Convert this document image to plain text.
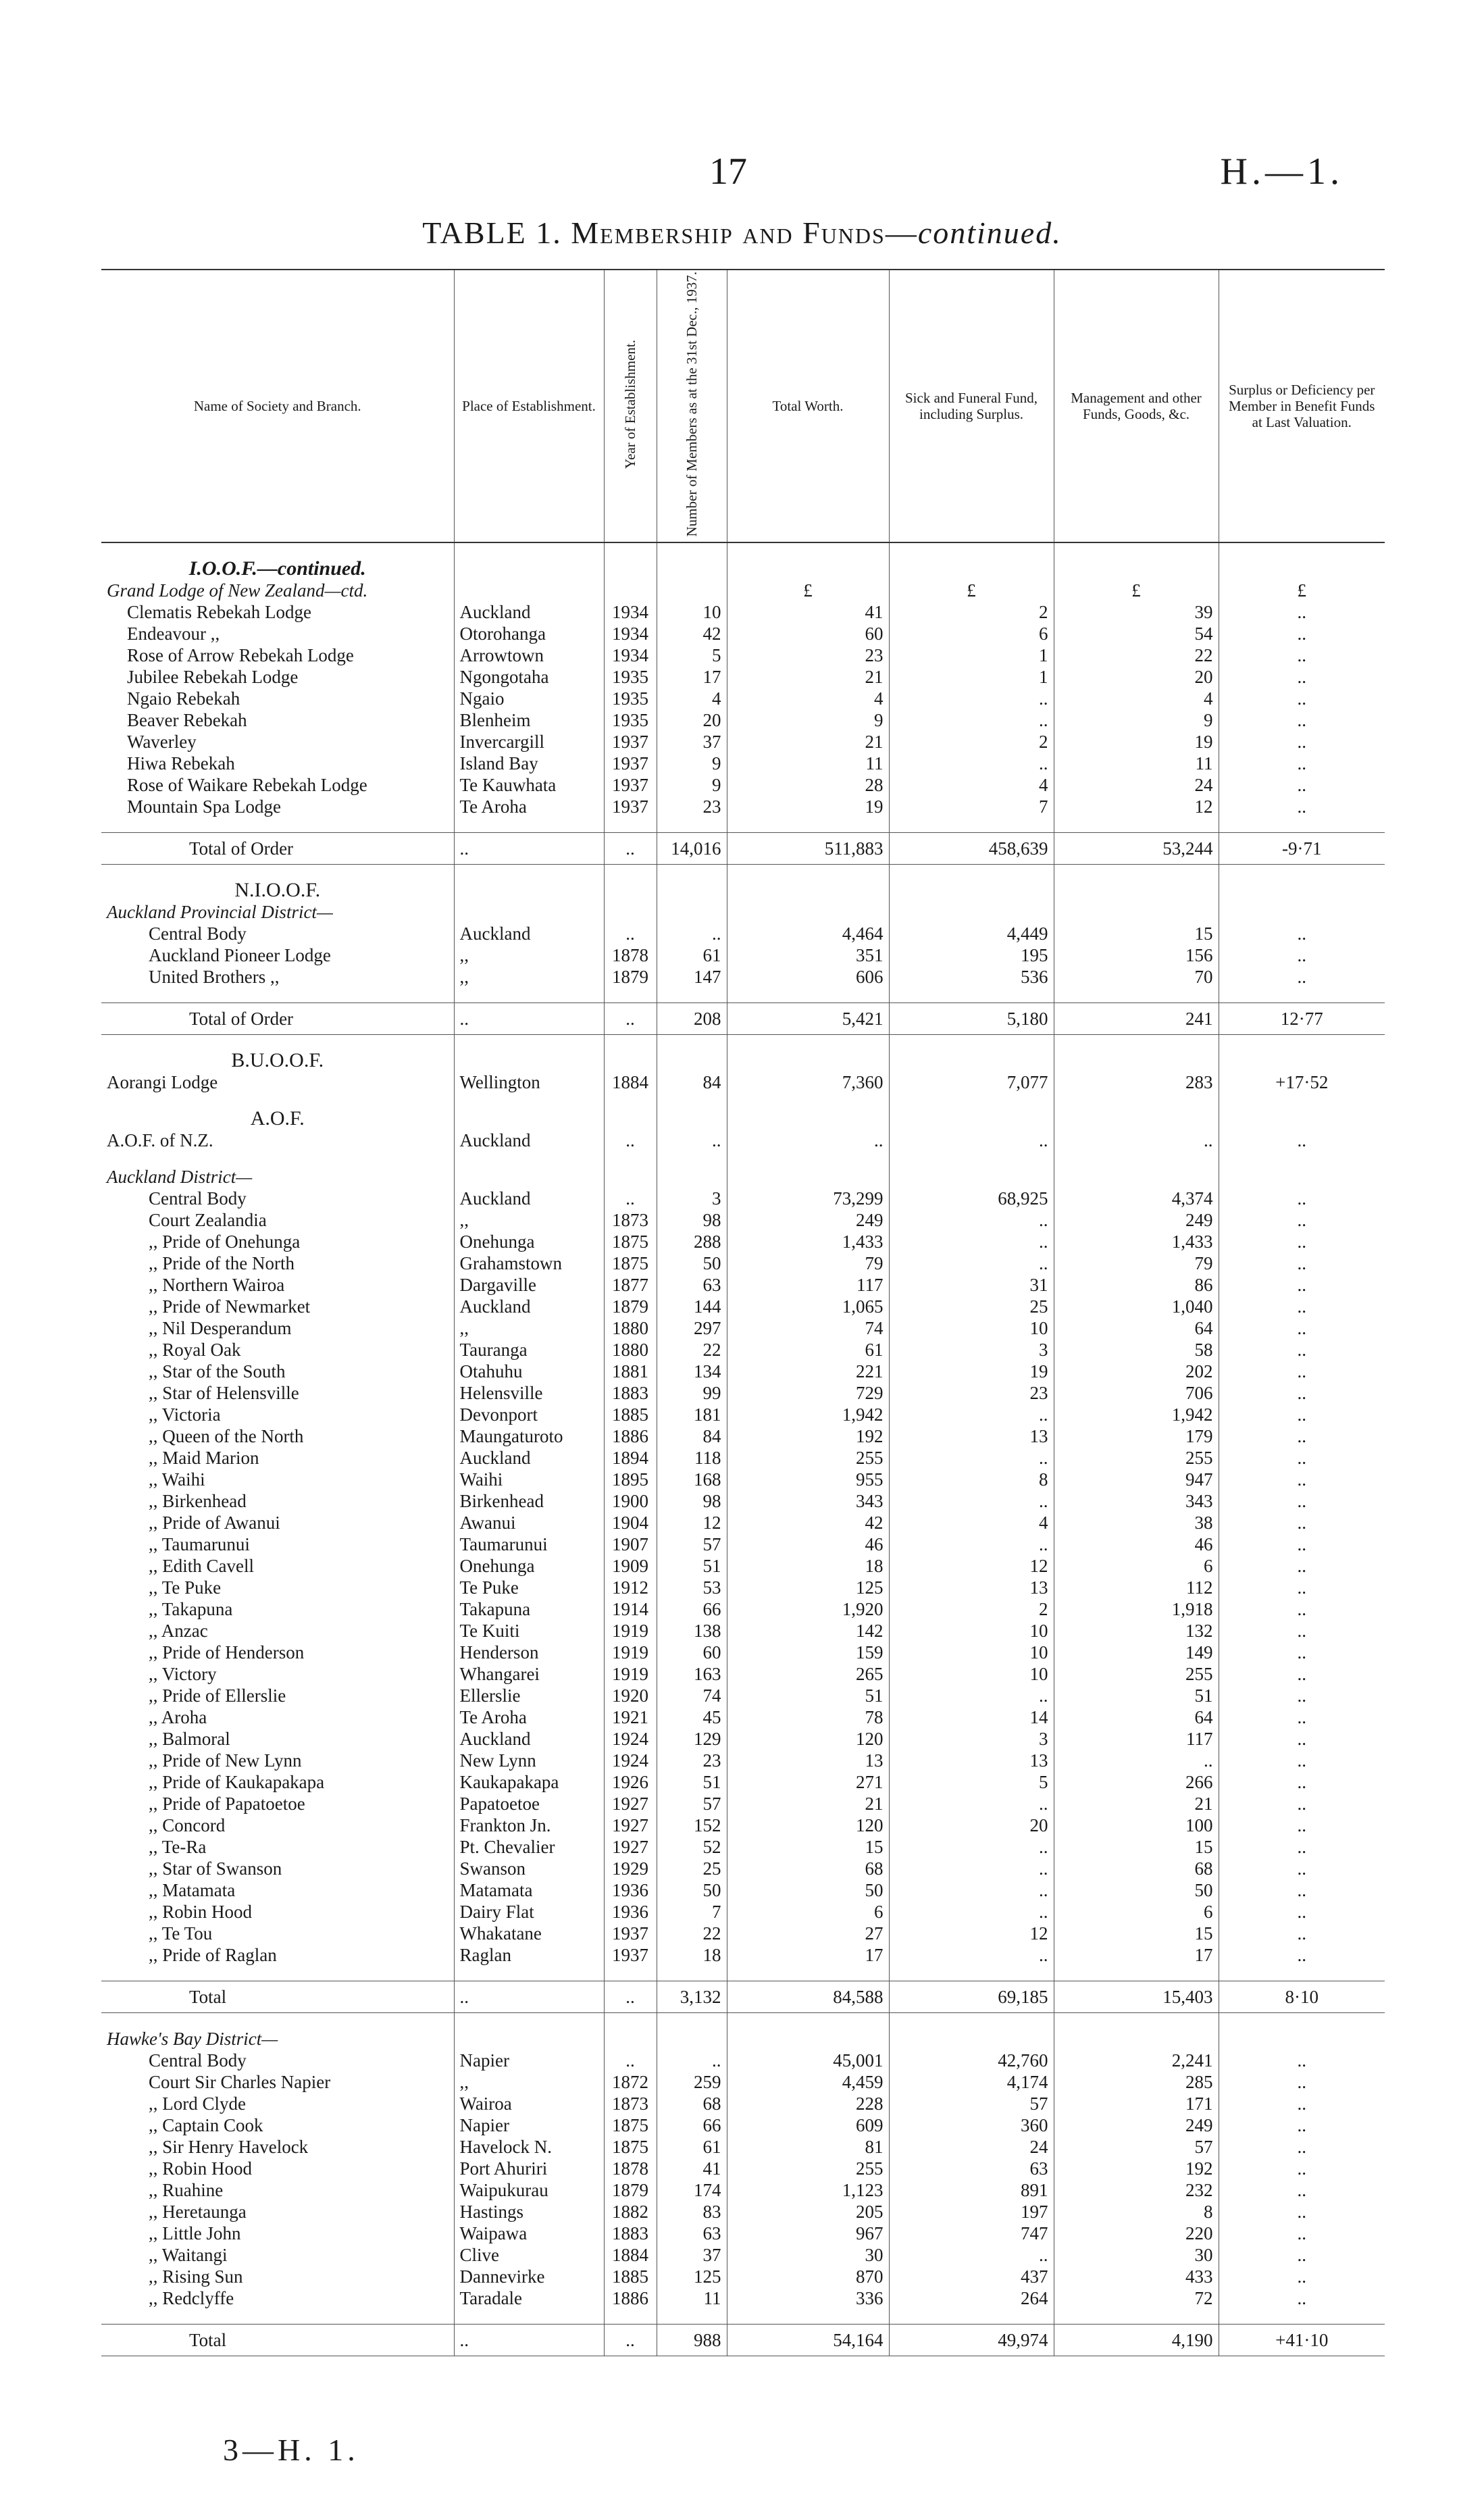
17	H.—1.
TABLE 1. Membership and Funds—continued.
Name of Society and Branch.	Place of Establishment.	Year of Establishment.	Number of Members as at the 31st Dec., 1937.	Total Worth.	Sick and Funeral Fund, including Surplus.	Management and other Funds, Goods, &c.	Surplus or Deficiency per Member in Benefit Funds at Last Valuation.

I.O.O.F.—continued.							
Grand Lodge of New Zealand—ctd.				£	£	£	£
Clematis Rebekah Lodge	Auckland	1934	10	41	2	39	..
Endeavour ,,	Otorohanga	1934	42	60	6	54	..
Rose of Arrow Rebekah Lodge	Arrowtown	1934	5	23	1	22	..
Jubilee Rebekah Lodge	Ngongotaha	1935	17	21	1	20	..
Ngaio Rebekah	Ngaio	1935	4	4	..	4	..
Beaver Rebekah	Blenheim	1935	20	9	..	9	..
Waverley	Invercargill	1937	37	21	2	19	..
Hiwa Rebekah	Island Bay	1937	9	11	..	11	..
Rose of Waikare Rebekah Lodge	Te Kauwhata	1937	9	28	4	24	..
Mountain Spa Lodge	Te Aroha	1937	23	19	7	12	..

Total of Order	..	..	14,016	511,883	458,639	53,244	-9·71

N.I.O.O.F.							
Auckland Provincial District—							
Central Body	Auckland	..	..	4,464	4,449	15	..
Auckland Pioneer Lodge	,,	1878	61	351	195	156	..
United Brothers ,,	,,	1879	147	606	536	70	..

Total of Order	..	..	208	5,421	5,180	241	12·77

B.U.O.O.F.							
Aorangi Lodge	Wellington	1884	84	7,360	7,077	283	+17·52

A.O.F.							
A.O.F. of N.Z.	Auckland	..	..	..	..	..	..

Auckland District—							
Central Body	Auckland	..	3	73,299	68,925	4,374	..
Court Zealandia	,,	1873	98	249	..	249	..
,, Pride of Onehunga	Onehunga	1875	288	1,433	..	1,433	..
,, Pride of the North	Grahamstown	1875	50	79	..	79	..
,, Northern Wairoa	Dargaville	1877	63	117	31	86	..
,, Pride of Newmarket	Auckland	1879	144	1,065	25	1,040	..
,, Nil Desperandum	,,	1880	297	74	10	64	..
,, Royal Oak	Tauranga	1880	22	61	3	58	..
,, Star of the South	Otahuhu	1881	134	221	19	202	..
,, Star of Helensville	Helensville	1883	99	729	23	706	..
,, Victoria	Devonport	1885	181	1,942	..	1,942	..
,, Queen of the North	Maungaturoto	1886	84	192	13	179	..
,, Maid Marion	Auckland	1894	118	255	..	255	..
,, Waihi	Waihi	1895	168	955	8	947	..
,, Birkenhead	Birkenhead	1900	98	343	..	343	..
,, Pride of Awanui	Awanui	1904	12	42	4	38	..
,, Taumarunui	Taumarunui	1907	57	46	..	46	..
,, Edith Cavell	Onehunga	1909	51	18	12	6	..
,, Te Puke	Te Puke	1912	53	125	13	112	..
,, Takapuna	Takapuna	1914	66	1,920	2	1,918	..
,, Anzac	Te Kuiti	1919	138	142	10	132	..
,, Pride of Henderson	Henderson	1919	60	159	10	149	..
,, Victory	Whangarei	1919	163	265	10	255	..
,, Pride of Ellerslie	Ellerslie	1920	74	51	..	51	..
,, Aroha	Te Aroha	1921	45	78	14	64	..
,, Balmoral	Auckland	1924	129	120	3	117	..
,, Pride of New Lynn	New Lynn	1924	23	13	13	..	..
,, Pride of Kaukapakapa	Kaukapakapa	1926	51	271	5	266	..
,, Pride of Papatoetoe	Papatoetoe	1927	57	21	..	21	..
,, Concord	Frankton Jn.	1927	152	120	20	100	..
,, Te-Ra	Pt. Chevalier	1927	52	15	..	15	..
,, Star of Swanson	Swanson	1929	25	68	..	68	..
,, Matamata	Matamata	1936	50	50	..	50	..
,, Robin Hood	Dairy Flat	1936	7	6	..	6	..
,, Te Tou	Whakatane	1937	22	27	12	15	..
,, Pride of Raglan	Raglan	1937	18	17	..	17	..

Total	..	..	3,132	84,588	69,185	15,403	8·10

Hawke's Bay District—							
Central Body	Napier	..	..	45,001	42,760	2,241	..
Court Sir Charles Napier	,,	1872	259	4,459	4,174	285	..
,, Lord Clyde	Wairoa	1873	68	228	57	171	..
,, Captain Cook	Napier	1875	66	609	360	249	..
,, Sir Henry Havelock	Havelock N.	1875	61	81	24	57	..
,, Robin Hood	Port Ahuriri	1878	41	255	63	192	..
,, Ruahine	Waipukurau	1879	174	1,123	891	232	..
,, Heretaunga	Hastings	1882	83	205	197	8	..
,, Little John	Waipawa	1883	63	967	747	220	..
,, Waitangi	Clive	1884	37	30	..	30	..
,, Rising Sun	Dannevirke	1885	125	870	437	433	..
,, Redclyffe	Taradale	1886	11	336	264	72	..

Total	..	..	988	54,164	49,974	4,190	+41·10
3—H. 1.
